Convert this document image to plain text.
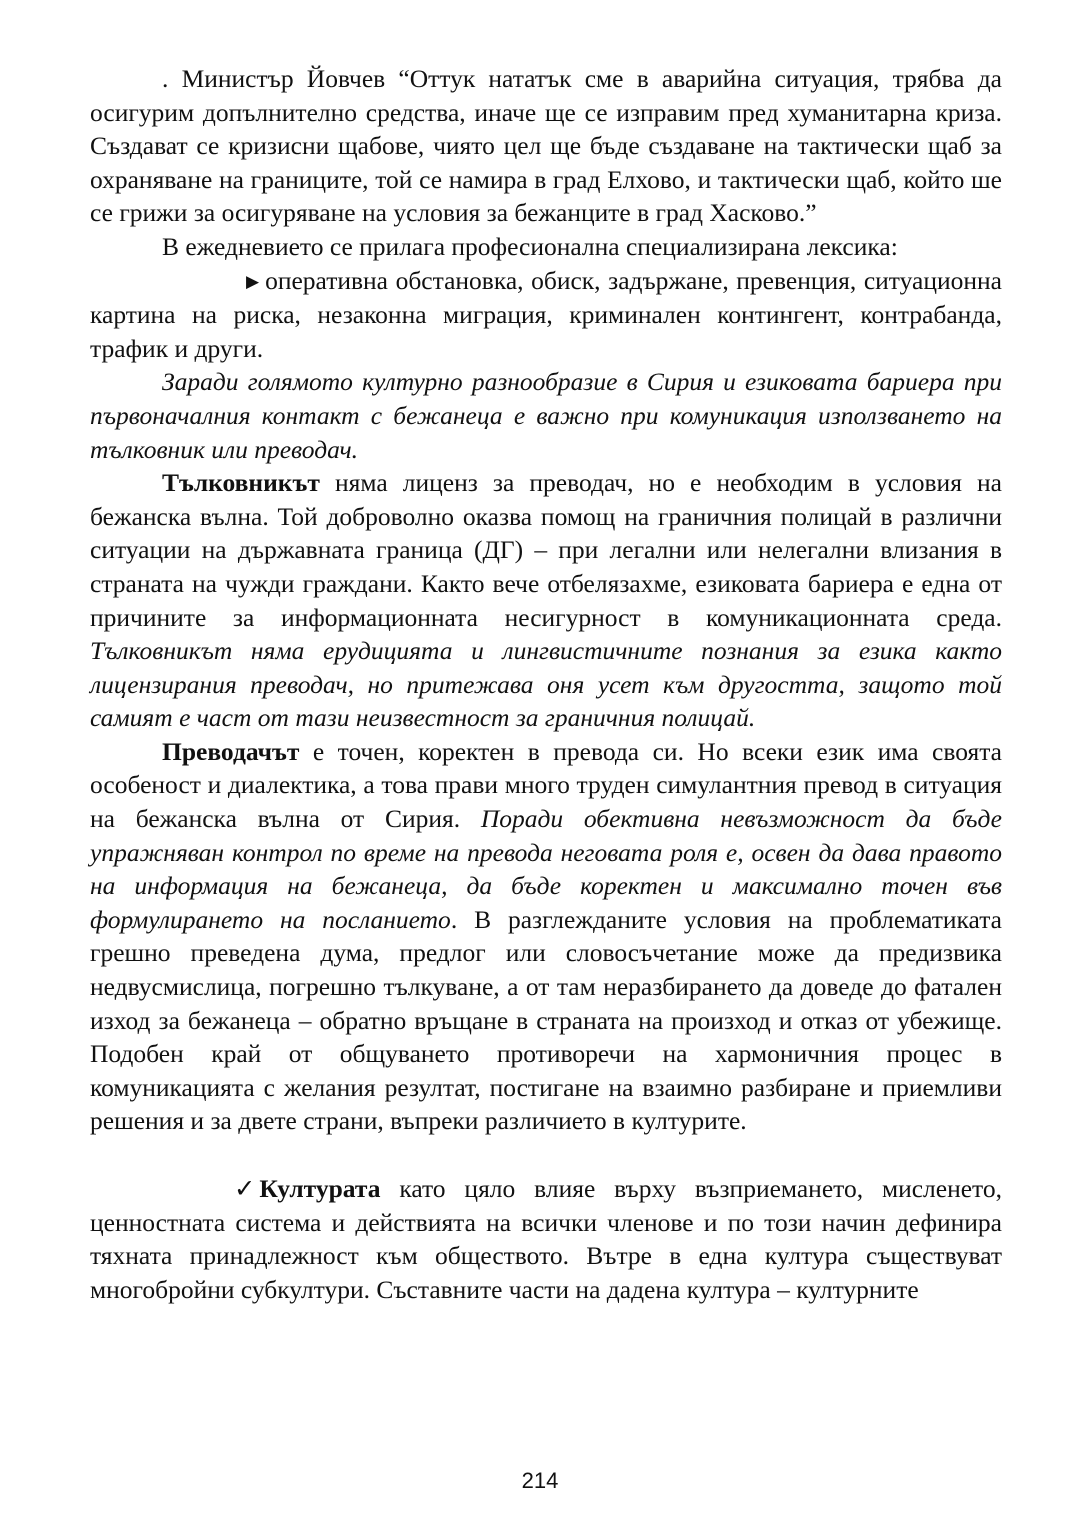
. Министър Йовчев “Оттук нататък сме в аварийна ситуация, трябва да осигурим допълнително средства, иначе ще се изправим пред хуманитарна криза. Създават се кризисни щабове, чиято цел ще бъде създаване на тактически щаб за охраняване на границите, той се намира в град Елхово, и тактически щаб, който ше се грижи за осигуряване на условия за бежанците в град Хасково.”

В ежедневието се прилага професионална специализирана лексика:

▶ оперативна обстановка, обиск, задържане, превенция, ситуационна картина на риска, незаконна миграция, криминален контингент, контрабанда, трафик и други.

Заради голямото културно разнообразие в Сирия и езиковата бариера при първоначалния контакт с бежанеца е важно при комуникация използването на тълковник или преводач.

Тълковникът няма лиценз за преводач, но е необходим в условия на бежанска вълна. Той доброволно оказва помощ на граничния полицай в различни ситуации на държавната граница (ДГ) – при легални или нелегални влизания в страната на чужди граждани. Както вече отбелязахме, езиковата бариера е една от причините за информационната несигурност в комуникационната среда. Тълковникът няма ерудицията и лингвистичните познания за езика както лицензирания преводач, но притежава оня усет към другостта, защото той самият е част от тази неизвестност за граничния полицай.

Преводачът е точен, коректен в превода си. Но всеки език има своята особеност и диалектика, а това прави много труден симулантния превод в ситуация на бежанска вълна от Сирия. Поради обективна невъзможност да бъде упражняван контрол по време на превода неговата роля е, освен да дава правото на информация на бежанеца, да бъде коректен и максимално точен във формулирането на посланието. В разглежданите условия на проблематиката грешно преведена дума, предлог или словосъчетание може да предизвика недвусмислица, погрешно тълкуване, а от там неразбирането да доведе до фатален изход за бежанеца – обратно връщане в страната на произход и отказ от убежище. Подобен край от общуването противоречи на хармоничния процес в комуникацията с желания резултат, постигане на взаимно разбиране и приемливи решения и за двете страни, въпреки различието в културите.

✓ Културата като цяло влияе върху възприемането, мисленето, ценностната система и действията на всички членове и по този начин дефинира тяхната принадлежност към обществото. Вътре в една култура съществуват многобройни субкултури. Съставните части на дадена култура – културните

214
